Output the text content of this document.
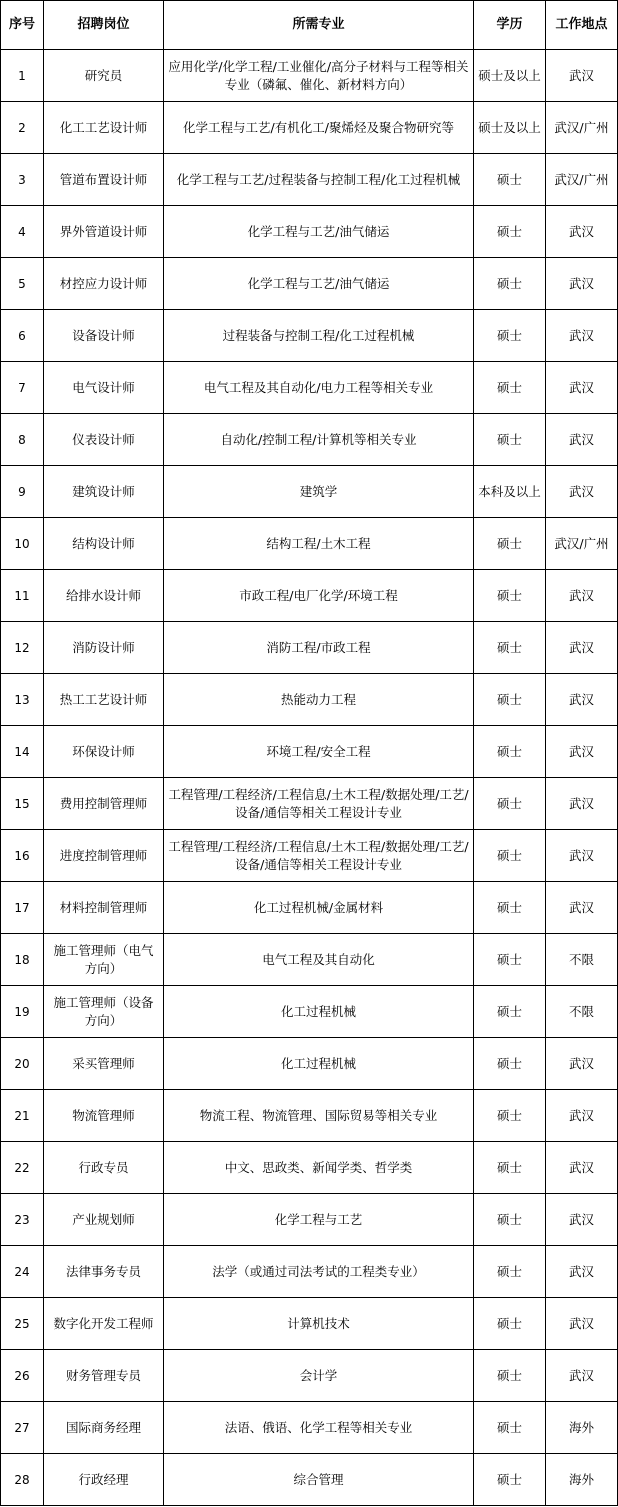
序号	招聘岗位	所需专业	学历	工作地点
1	研究员	应用化学/化学工程/工业催化/高分子材料与工程等相关专业（磷氟、催化、新材料方向）	硕士及以上	武汉
2	化工工艺设计师	化学工程与工艺/有机化工/聚烯烃及聚合物研究等	硕士及以上	武汉/广州
3	管道布置设计师	化学工程与工艺/过程装备与控制工程/化工过程机械	硕士	武汉/广州
4	界外管道设计师	化学工程与工艺/油气储运	硕士	武汉
5	材控应力设计师	化学工程与工艺/油气储运	硕士	武汉
6	设备设计师	过程装备与控制工程/化工过程机械	硕士	武汉
7	电气设计师	电气工程及其自动化/电力工程等相关专业	硕士	武汉
8	仪表设计师	自动化/控制工程/计算机等相关专业	硕士	武汉
9	建筑设计师	建筑学	本科及以上	武汉
10	结构设计师	结构工程/土木工程	硕士	武汉/广州
11	给排水设计师	市政工程/电厂化学/环境工程	硕士	武汉
12	消防设计师	消防工程/市政工程	硕士	武汉
13	热工工艺设计师	热能动力工程	硕士	武汉
14	环保设计师	环境工程/安全工程	硕士	武汉
15	费用控制管理师	工程管理/工程经济/工程信息/土木工程/数据处理/工艺/设备/通信等相关工程设计专业	硕士	武汉
16	进度控制管理师	工程管理/工程经济/工程信息/土木工程/数据处理/工艺/设备/通信等相关工程设计专业	硕士	武汉
17	材料控制管理师	化工过程机械/金属材料	硕士	武汉
18	施工管理师（电气方向）	电气工程及其自动化	硕士	不限
19	施工管理师（设备方向）	化工过程机械	硕士	不限
20	采买管理师	化工过程机械	硕士	武汉
21	物流管理师	物流工程、物流管理、国际贸易等相关专业	硕士	武汉
22	行政专员	中文、思政类、新闻学类、哲学类	硕士	武汉
23	产业规划师	化学工程与工艺	硕士	武汉
24	法律事务专员	法学（或通过司法考试的工程类专业）	硕士	武汉
25	数字化开发工程师	计算机技术	硕士	武汉
26	财务管理专员	会计学	硕士	武汉
27	国际商务经理	法语、俄语、化学工程等相关专业	硕士	海外
28	行政经理	综合管理	硕士	海外
